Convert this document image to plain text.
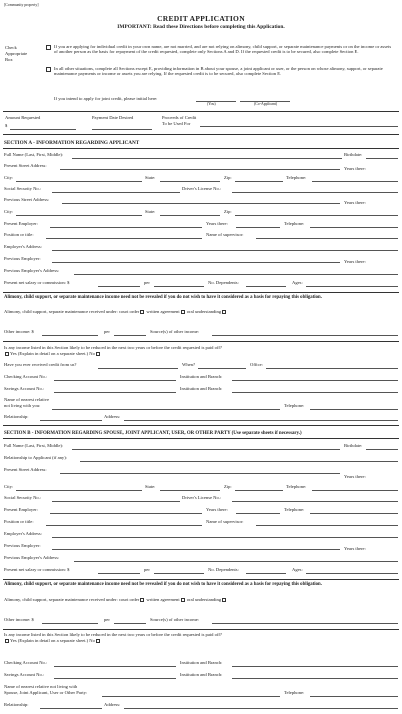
[Community property]
CREDIT APPLICATION
IMPORTANT: Read these Directions before completing this Application.
Check
Appropriate
Box
If you are applying for individual credit in your own name, are not married, and are not relying on alimony, child support, or separate maintenance payments or on the income or assets of another person as the basis for repayment of the credit requested, complete only Sections A and D. If the requested credit is to be secured, also complete Section E.
In all other situations, complete all Sections except E, providing information in B about your spouse, a joint applicant or user, or the person on whose alimony, support, or separate maintenance payments or income or assets you are relying. If the requested credit is to be secured, also complete Section E.
If you intend to apply for joint credit, please initial here:
(You)	(Co-Applicant)
Amount Requested
$
Payment Date Desired	Proceeds of Credit
To be Used For
SECTION A - INFORMATION REGARDING APPLICANT
Full Name (Last, First, Middle):	Birthdate:
Present Street Address:
Years there:
City:	State:	Zip:	Telephone:
Social Security No.:	Driver's License No.:
Previous Street Address:
Years there:
City:	State:	Zip:
Present Employer:	Years there:	Telephone:
Position or title:	Name of supervisor:
Employer's Address:
Previous Employer:
Years there:
Previous Employer's Address:
Present net salary or commission: $	per	No. Dependents:	Ages:
Alimony, child support, or separate maintenance income need not be revealed if you do not wish to have it considered as a basis for repaying this obligation.
Alimony, child support, separate maintenance received under: court order written agreement oral understanding
Other income: $	per	Source(s) of other income:
Is any income listed in this Section likely to be reduced in the next two years or before the credit requested is paid off?
Yes (Explain in detail on a separate sheet.) No
Have you ever received credit from us?	When?	Office:
Checking Account No.:	Institution and Branch:
Savings Account No.:	Institution and Branch:
Name of nearest relative
not living with you:	Telephone:
Relationship:	Address:
SECTION B - INFORMATION REGARDING SPOUSE, JOINT APPLICANT, USER, OR OTHER PARTY (Use separate sheets if necessary.)
Full Name (Last, First, Middle):	Birthdate:
Relationship to Applicant (if any):
Present Street Address:
Years there:
City:	State:	Zip:	Telephone:
Social Security No.:	Driver's License No.:
Present Employer:	Years there:	Telephone:
Position or title:	Name of supervisor:
Employer's Address:
Previous Employer:
Years there:
Previous Employer's Address:
Present net salary or commission: $	per	No. Dependents:	Ages:
Alimony, child support, or separate maintenance income need not be revealed if you do not wish to have it considered as a basis for repaying this obligation.
Alimony, child support, separate maintenance received under: court order written agreement oral understanding
Other income: $	per	Source(s) of other income:
Is any income listed in this Section likely to be reduced in the next two years or before the credit requested is paid off?
Yes (Explain in detail on a separate sheet.) No
Checking Account No.:	Institution and Branch:
Savings Account No.:	Institution and Branch:
Name of nearest relative not living with
Spouse, Joint Applicant, User or Other Party:	Telephone:
Relationship:	Address:
